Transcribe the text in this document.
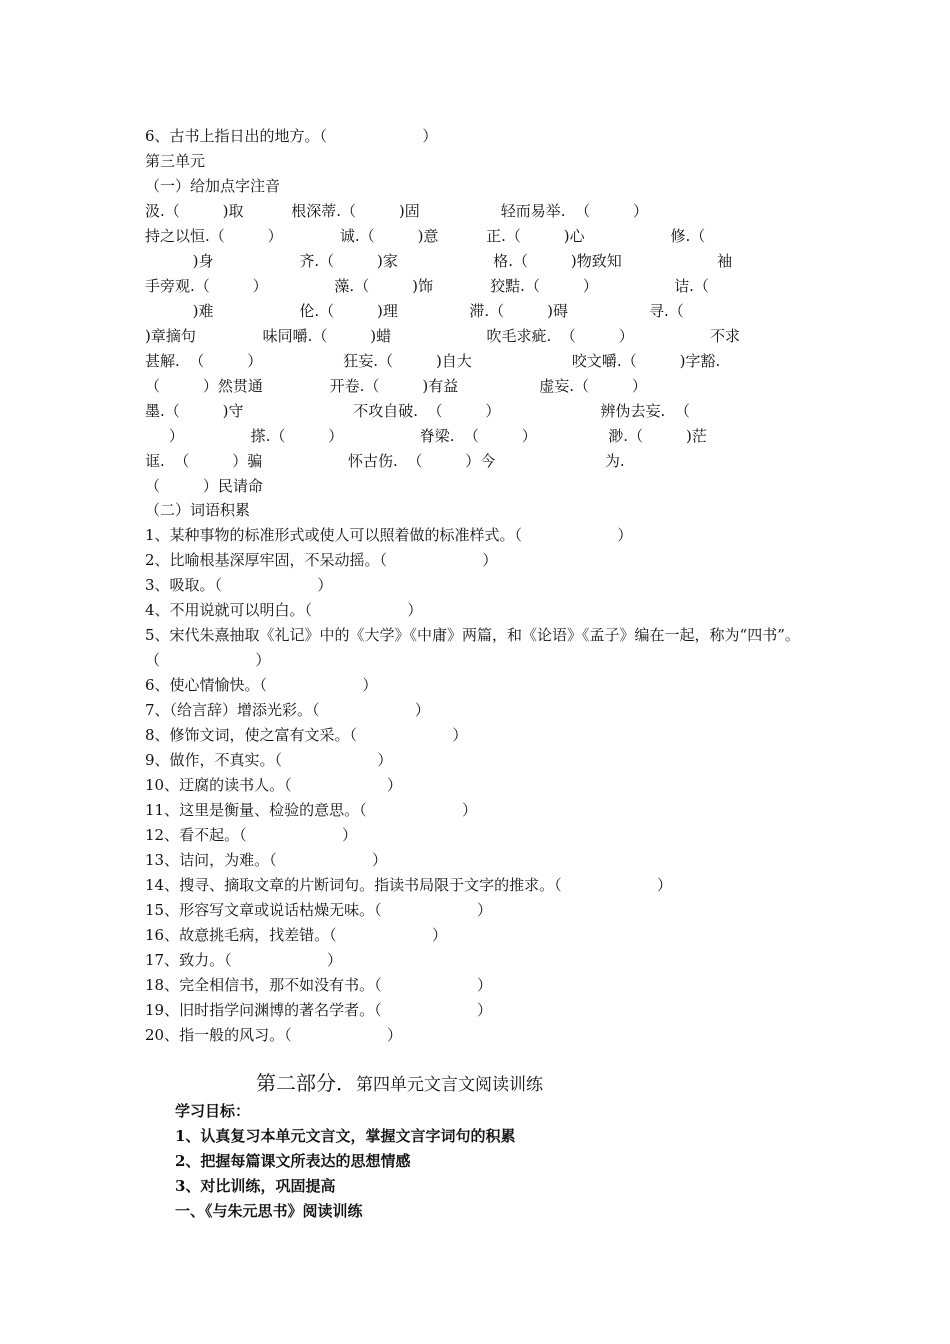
6、古书上指日出的地方。（                    ）
第三单元
（一）给加点字注音
汲.（         )取          根深蒂.（         )固                 轻而易举.  （         ）
持之以恒.（         ）            诚.（         )意          正.（         )心                  修.（
)身                  齐.（         )家                    格.（         )物致知                    袖
手旁观.（         ）              藻.（         )饰            狡黠.（         ）                诘.（
)难                  伦.（         )理               滞.（         )碍                 寻.（
)章摘句              味同嚼.（         )蜡                    吹毛求疵.  （         ）                不求
甚解.  （         ）                 狂妄.（         )自大                     咬文嚼.（         )字豁.
（         ）然贯通              开卷.（         )有益                 虚妄.（         ）
墨.（         )守                       不攻自破.  （         ）                     辨伪去妄.  （
）              搽.（         ）                脊梁.  （         ）               渺.（         )茫
诓.  （         ）骗                  怀古伤.  （         ）今                       为.
（         ）民请命
（二）词语积累
1、某种事物的标准形式或使人可以照着做的标准样式。（                    ）
2、比喻根基深厚牢固，不呆动摇。（                    ）
3、吸取。（                    ）
4、不用说就可以明白。（                    ）
5、宋代朱熹抽取《礼记》中的《大学》《中庸》两篇，和《论语》《孟子》编在一起，称为“四书”。
（                    ）
6、使心情愉快。（                    ）
7、（给言辞）增添光彩。（                    ）
8、修饰文词，使之富有文采。（                    ）
9、做作，不真实。（                    ）
10、迂腐的读书人。（                    ）
11、这里是衡量、检验的意思。（                    ）
12、看不起。（                    ）
13、诘问，为难。（                    ）
14、搜寻、摘取文章的片断词句。指读书局限于文字的推求。（                    ）
15、形容写文章或说话枯燥无味。（                    ）
16、故意挑毛病，找差错。（                    ）
17、致力。（                    ）
18、完全相信书，那不如没有书。（                    ）
19、旧时指学问渊博的著名学者。（                    ）
20、指一般的风习。（                    ）
第二部分．第四单元文言文阅读训练
学习目标：
1、认真复习本单元文言文，掌握文言字词句的积累
2、把握每篇课文所表达的思想情感
3、对比训练，巩固提高
一、《与朱元思书》阅读训练
